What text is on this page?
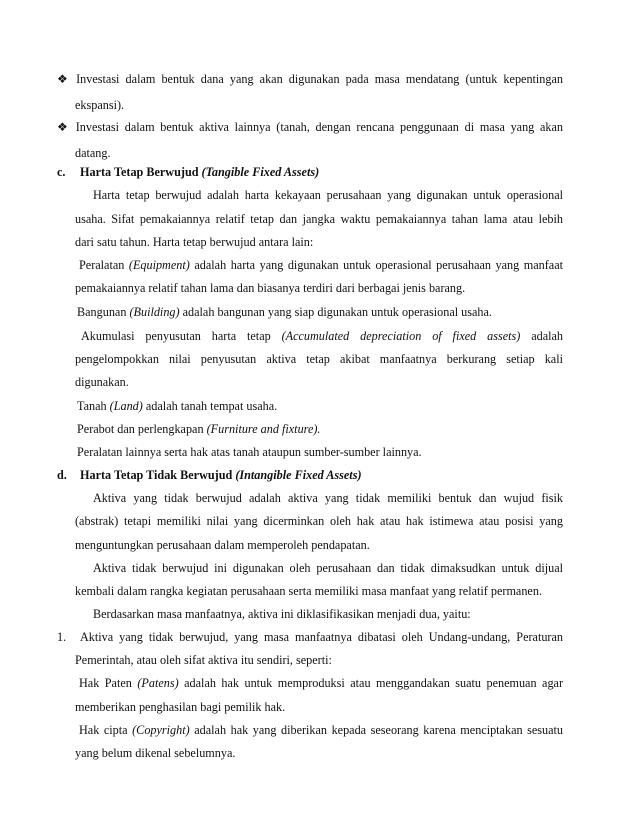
❖ Investasi dalam bentuk dana yang akan digunakan pada masa mendatang (untuk kepentingan
ekspansi).
❖ Investasi dalam bentuk aktiva lainnya (tanah, dengan rencana penggunaan di masa yang akan
datang.
c. Harta Tetap Berwujud (Tangible Fixed Assets)
Harta tetap berwujud adalah harta kekayaan perusahaan yang digunakan untuk operasional
usaha. Sifat pemakaiannya relatif tetap dan jangka waktu pemakaiannya tahan lama atau lebih
dari satu tahun. Harta tetap berwujud antara lain:
Peralatan (Equipment) adalah harta yang digunakan untuk operasional perusahaan yang manfaat
pemakaiannya relatif tahan lama dan biasanya terdiri dari berbagai jenis barang.
Bangunan (Building) adalah bangunan yang siap digunakan untuk operasional usaha.
Akumulasi penyusutan harta tetap (Accumulated depreciation of fixed assets) adalah
pengelompokkan nilai penyusutan aktiva tetap akibat manfaatnya berkurang setiap kali
digunakan.
Tanah (Land) adalah tanah tempat usaha.
Perabot dan perlengkapan (Furniture and fixture).
Peralatan lainnya serta hak atas tanah ataupun sumber-sumber lainnya.
d. Harta Tetap Tidak Berwujud (Intangible Fixed Assets)
Aktiva yang tidak berwujud adalah aktiva yang tidak memiliki bentuk dan wujud fisik
(abstrak) tetapi memiliki nilai yang dicerminkan oleh hak atau hak istimewa atau posisi yang
menguntungkan perusahaan dalam memperoleh pendapatan.
Aktiva tidak berwujud ini digunakan oleh perusahaan dan tidak dimaksudkan untuk dijual
kembali dalam rangka kegiatan perusahaan serta memiliki masa manfaat yang relatif permanen.
Berdasarkan masa manfaatnya, aktiva ini diklasifikasikan menjadi dua, yaitu:
1. Aktiva yang tidak berwujud, yang masa manfaatnya dibatasi oleh Undang-undang, Peraturan
Pemerintah, atau oleh sifat aktiva itu sendiri, seperti:
Hak Paten (Patens) adalah hak untuk memproduksi atau menggandakan suatu penemuan agar
memberikan penghasilan bagi pemilik hak.
Hak cipta (Copyright) adalah hak yang diberikan kepada seseorang karena menciptakan sesuatu
yang belum dikenal sebelumnya.
